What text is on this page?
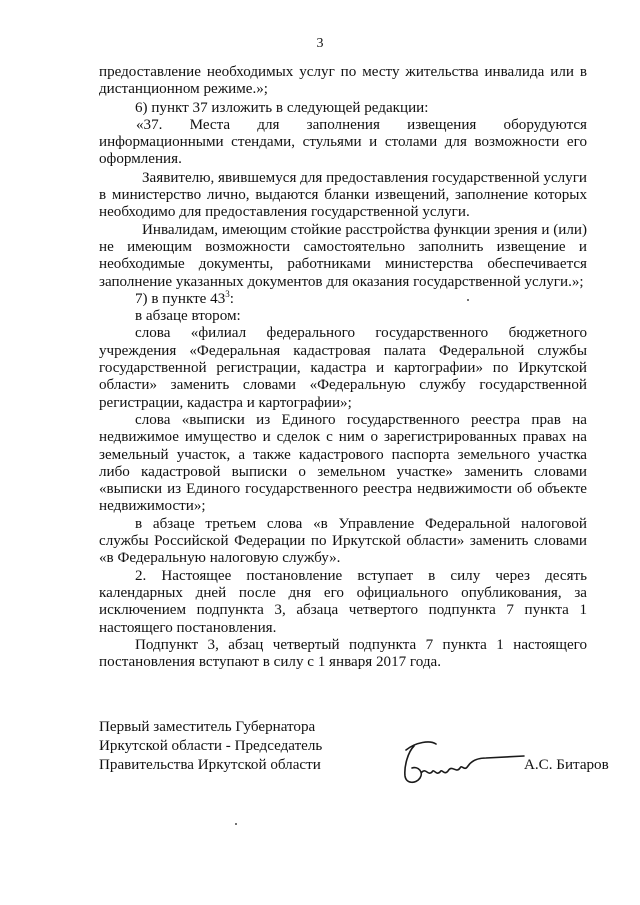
3

предоставление необходимых услуг по месту жительства инвалида или в дистанционном режиме.»;

6) пункт 37 изложить в следующей редакции:

«37. Места для заполнения извещения оборудуются информационными стендами, стульями и столами для возможности его оформления.

Заявителю, явившемуся для предоставления государственной услуги в министерство лично, выдаются бланки извещений, заполнение которых необходимо для предоставления государственной услуги.

Инвалидам, имеющим стойкие расстройства функции зрения и (или) не имеющим возможности самостоятельно заполнить извещение и необходимые документы, работниками министерства обеспечивается заполнение указанных документов для оказания государственной услуги.»;

7) в пункте $43^3$:

в абзаце втором:

слова «филиал федерального государственного бюджетного учреждения «Федеральная кадастровая палата Федеральной службы государственной регистрации, кадастра и картографии» по Иркутской области» заменить словами «Федеральную службу государственной регистрации, кадастра и картографии»;

слова «выписки из Единого государственного реестра прав на недвижимое имущество и сделок с ним о зарегистрированных правах на земельный участок, а также кадастрового паспорта земельного участка либо кадастровой выписки о земельном участке» заменить словами «выписки из Единого государственного реестра недвижимости об объекте недвижимости»;

в абзаце третьем слова «в Управление Федеральной налоговой службы Российской Федерации по Иркутской области» заменить словами «в Федеральную налоговую службу».

2. Настоящее постановление вступает в силу через десять календарных дней после дня его официального опубликования, за исключением подпункта 3, абзаца четвертого подпункта 7 пункта 1 настоящего постановления.

Подпункт 3, абзац четвертый подпункта 7 пункта 1 настоящего постановления вступают в силу с 1 января 2017 года.

Первый заместитель Губернатора
Иркутской области - Председатель
Правительства Иркутской области	А.С. Битаров
